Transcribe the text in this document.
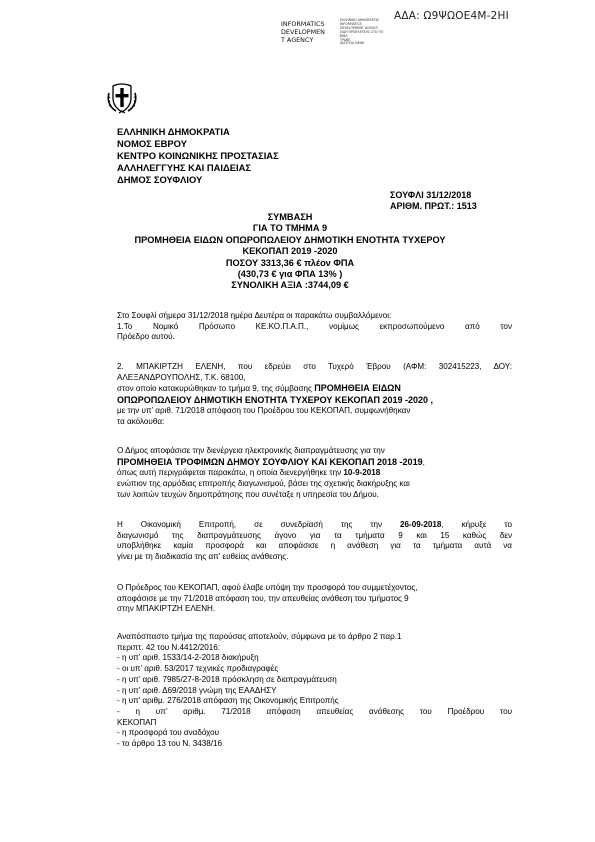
ΑΔΑ: Ω9ΨΩΟΕ4Μ-2ΗΙ
INFORMATICS
DEVELOPMEN
T AGENCY
ΕΛΛΗΝΙΚΗ ΔΗΜΟΚΡΑΤΙΑ
INFORMATICS
DEVELOPMENT AGENCY
ΕΙΔΗ ΠΡΟΕΛΕΥΣΗΣ ΣΤΟ ΠΟ
ΒΙΒΛ
ΤΡΑΝΕ
ΔΙΑΥΓΕΙΑ ΕΦΗΚ
ΕΛΛΗΝΙΚΗ ΔΗΜΟΚΡΑΤΙΑ
ΝΟΜΟΣ ΕΒΡΟΥ
ΚΕΝΤΡΟ ΚΟΙΝΩΝΙΚΗΣ ΠΡΟΣΤΑΣΙΑΣ
ΑΛΛΗΛΕΓΓΥΗΣ ΚΑΙ ΠΑΙΔΕΙΑΣ
ΔΗΜΟΣ ΣΟΥΦΛΙΟΥ
ΣΟΥΦΛΙ 31/12/2018
ΑΡΙΘΜ. ΠΡΩΤ.: 1513
ΣΥΜΒΑΣΗ
ΓΙΑ ΤΟ ΤΜΗΜΑ 9
ΠΡΟΜΗΘΕΙΑ ΕΙΔΩΝ ΟΠΩΡΟΠΩΛΕΙΟΥ ΔΗΜΟΤΙΚΗ ΕΝΟΤΗΤΑ ΤΥΧΕΡΟΥ
ΚΕΚΟΠΑΠ 2019 -2020
ΠΟΣΟΥ 3313,36 € πλέον ΦΠΑ
(430,73 € για ΦΠΑ 13% )
ΣΥΝΟΛΙΚΗ ΑΞΙΑ :3744,09 €
Στο Σουφλί σήμερα 31/12/2018 ημέρα Δευτέρα οι παρακάτω συμβαλλόμενοι:
1.Το Νομικό Πρόσωπο ΚΕ.ΚΟ.Π.Α.Π., νομίμως εκπροσωπούμενο από τον
Πρόεδρο αυτού.
2. ΜΠΑΚΙΡΤΖΗ ΕΛΕΝΗ, που εδρεύει στο Τυχερό Έβρου (ΑΦΜ: 302415223, ΔΟΥ:
ΑΛΕΞΑΝΔΡΟΥΠΟΛΗΣ, Τ.Κ. 68100,
στον οποίο κατακυρώθηκαν το τμήμα 9, της σύμβασης ΠΡΟΜΗΘΕΙΑ ΕΙΔΩΝ
ΟΠΩΡΟΠΩΛΕΙΟΥ ΔΗΜΟΤΙΚΗ ΕΝΟΤΗΤΑ ΤΥΧΕΡΟΥ ΚΕΚΟΠΑΠ 2019 -2020 ,
με την υπ’ αριθ. 71/2018 απόφαση του Προέδρου του ΚΕΚΟΠΑΠ, συμφωνήθηκαν
τα ακόλουθα:
Ο Δήμος αποφάσισε την διενέργεια ηλεκτρονικής διαπραγμάτευσης για την
ΠΡΟΜΗΘΕΙΑ ΤΡΟΦΙΜΩΝ ΔΗΜΟΥ ΣΟΥΦΛΙΟΥ ΚΑΙ ΚΕΚΟΠΑΠ 2018 -2019,
όπως αυτή περιγράφεται παρακάτω, η οποία διενεργήθηκε την 10-9-2018
ενώπιον της αρμόδιας επιτροπής διαγωνισμού, βάσει της σχετικής διακήρυξης και
των λοιπών τευχών δημοπράτησης που συνέταξε η υπηρεσία του Δήμου.
Η Οικονομική Επιτροπή, σε συνεδρίασή της την 26-09-2018, κήρυξε το
διαγωνισμό της διαπραγμάτευσης άγονο για τα τμήματα 9 και 15 καθώς δεν
υποβλήθηκε καμία προσφορά και αποφάσισε η ανάθεση για τα τμήματα αυτά να
γίνει με τη διαδικασία της απ’ ευθείας ανάθεσης.
Ο Πρόεδρος του ΚΕΚΟΠΑΠ, αφού έλαβε υπόψη την προσφορά του συμμετέχοντος,
αποφάσισε με την 71/2018 απόφαση του, την απευθείας ανάθεση του τμήματος 9
στην ΜΠΑΚΙΡΤΖΗ ΕΛΕΝΗ.
Αναπόσπαστο τμήμα της παρούσας αποτελούν, σύμφωνα με το άρθρο 2 παρ.1
περιπτ. 42 του Ν.4412/2016:
- η υπ’ αριθ. 1533/14-2-2018 διακήρυξη
- οι υπ’ αριθ. 53/2017 τεχνικές προδιαγραφές
- η υπ’ αριθ. 7985/27-8-2018 πρόσκληση σε διαπραγμάτευση
- η υπ’ αριθ. Δ69/2018 γνώμη της ΕΑΑΔΗΣΥ
- η υπ’ αριθμ. 276/2018 απόφαση της Οικονομικής Επιτροπής
- η υπ’ αριθμ. 71/2018 απόφαση απευθείας ανάθεσης του Προέδρου του
ΚΕΚΟΠΑΠ
- η προσφορά του αναδόχου
- το άρθρο 13 του Ν. 3438/16
